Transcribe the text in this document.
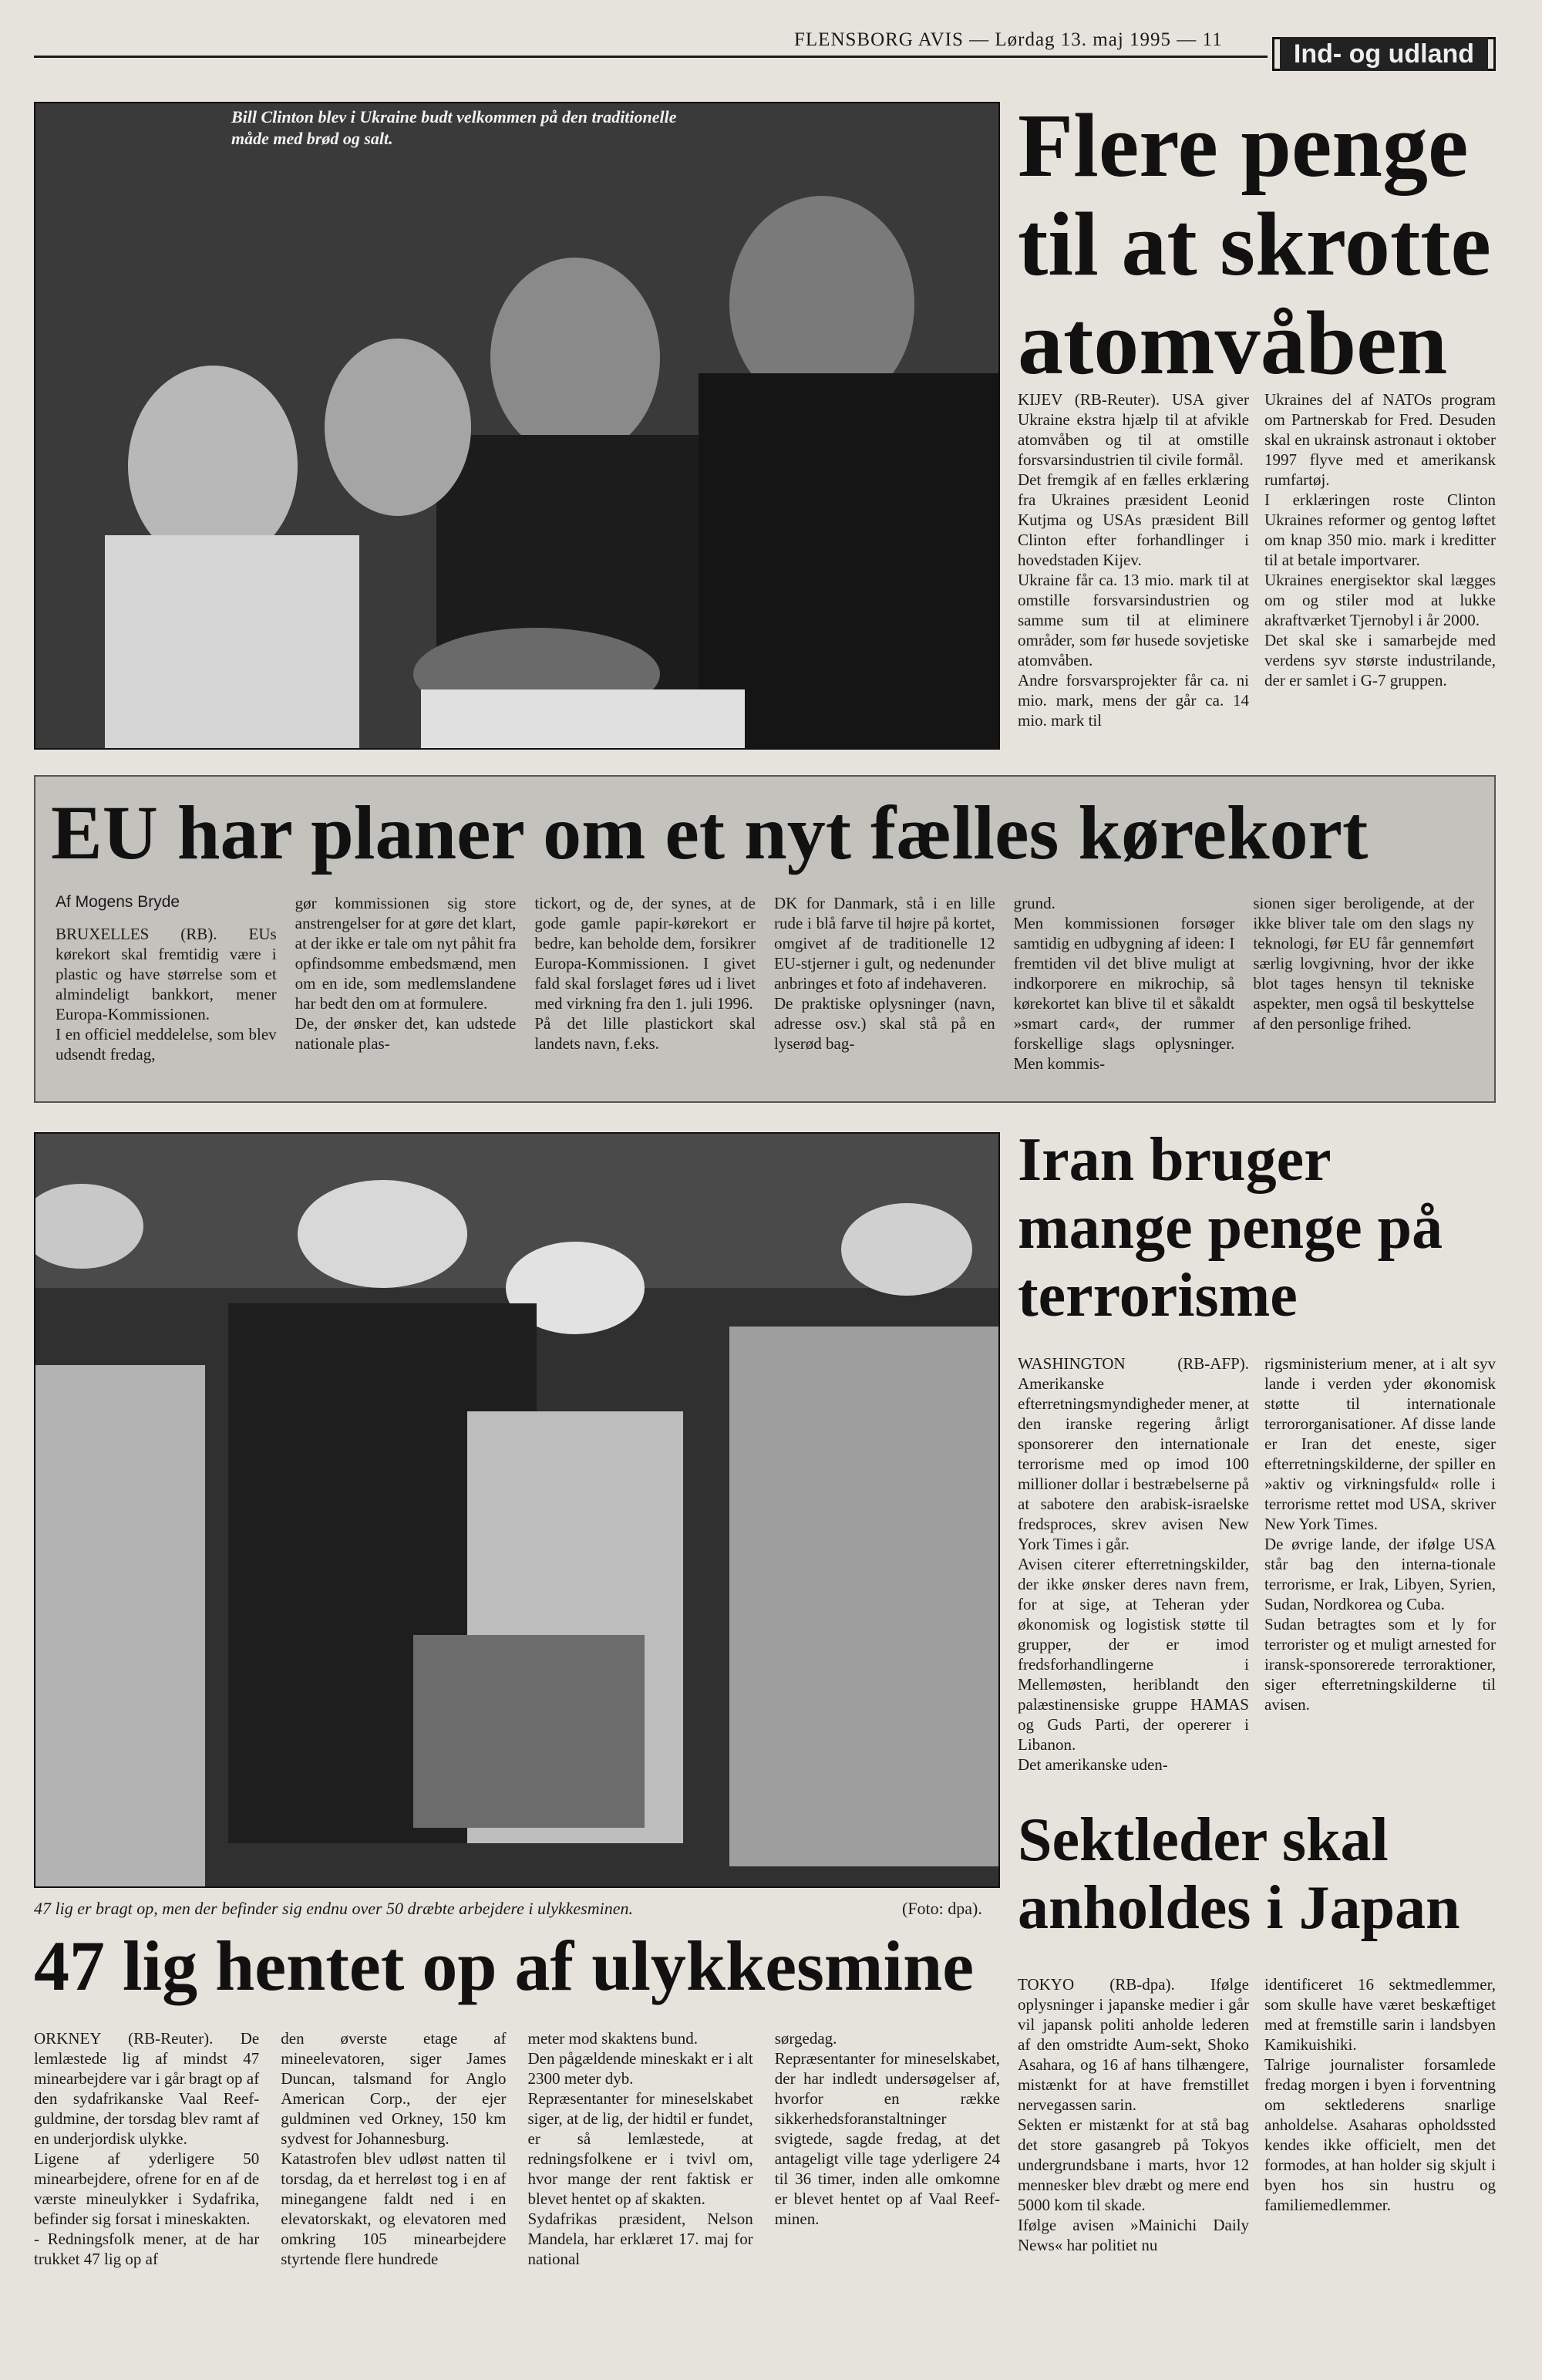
FLENSBORG AVIS — Lørdag 13. maj 1995 — 11	Ind- og udland
Bill Clinton blev i Ukraine budt velkommen på den traditionelle måde med brød og salt.	Flere penge til at skrotte atomvåben
KIJEV (RB-Reuter). USA giver Ukraine ekstra hjælp til at afvikle atomvåben og til at omstille forsvarsindustrien til civile formål.
Det fremgik af en fælles erklæring fra Ukraines præsident Leonid Kutjma og USAs præsident Bill Clinton efter forhandlinger i hovedstaden Kijev.
Ukraine får ca. 13 mio. mark til at omstille forsvarsindustrien og samme sum til at eliminere områder, som før husede sovjetiske atomvåben.
Andre forsvarsprojekter får ca. ni mio. mark, mens der går ca. 14 mio. mark til
Ukraines del af NATOs program om Partnerskab for Fred. Desuden skal en ukrainsk astronaut i oktober 1997 flyve med et amerikansk rumfartøj.
I erklæringen roste Clinton Ukraines reformer og gentog løftet om knap 350 mio. mark i kreditter til at betale importvarer.
Ukraines energisektor skal lægges om og stiler mod at lukke akraftværket Tjernobyl i år 2000.
Det skal ske i samarbejde med verdens syv største industrilande, der er samlet i G-7 gruppen.
EU har planer om et nyt fælles kørekort
Af Mogens Bryde
BRUXELLES (RB). EUs kørekort skal fremtidig være i plastic og have størrelse som et almindeligt bankkort, mener Europa-Kommissionen.
I en officiel meddelelse, som blev udsendt fredag,
gør kommissionen sig store anstrengelser for at gøre det klart, at der ikke er tale om nyt påhit fra opfindsomme embedsmænd, men om en ide, som medlemslandene har bedt den om at formulere.
De, der ønsker det, kan udstede nationale plas-
tickort, og de, der synes, at de gode gamle papir-kørekort er bedre, kan beholde dem, forsikrer Europa-Kommissionen. I givet fald skal forslaget føres ud i livet med virkning fra den 1. juli 1996.
På det lille plastickort skal landets navn, f.eks.
DK for Danmark, stå i en lille rude i blå farve til højre på kortet, omgivet af de traditionelle 12 EU-stjerner i gult, og nedenunder anbringes et foto af indehaveren.
De praktiske oplysninger (navn, adresse osv.) skal stå på en lyserød bag-
grund.
Men kommissionen forsøger samtidig en udbygning af ideen: I fremtiden vil det blive muligt at indkorporere en mikrochip, så kørekortet kan blive til et såkaldt »smart card«, der rummer forskellige slags oplysninger. Men kommis-
sionen siger beroligende, at der ikke bliver tale om den slags ny teknologi, før EU får gennemført særlig lovgivning, hvor der ikke blot tages hensyn til tekniske aspekter, men også til beskyttelse af den personlige frihed.
47 lig er bragt op, men der befinder sig endnu over 50 dræbte arbejdere i ulykkesminen.	(Foto: dpa).
47 lig hentet op af ulykkesmine
ORKNEY (RB-Reuter). De lemlæstede lig af mindst 47 minearbejdere var i går bragt op af den sydafrikanske Vaal Reef-guldmine, der torsdag blev ramt af en underjordisk ulykke.
Ligene af yderligere 50 minearbejdere, ofrene for en af de værste mineulykker i Sydafrika, befinder sig forsat i mineskakten.
- Redningsfolk mener, at de har trukket 47 lig op af
den øverste etage af mineelevatoren, siger James Duncan, talsmand for Anglo American Corp., der ejer guldminen ved Orkney, 150 km sydvest for Johannesburg.
Katastrofen blev udløst natten til torsdag, da et herreløst tog i en af minegangene faldt ned i en elevatorskakt, og elevatoren med omkring 105 minearbejdere styrtende flere hundrede
meter mod skaktens bund.
Den pågældende mineskakt er i alt 2300 meter dyb.
Repræsentanter for mineselskabet siger, at de lig, der hidtil er fundet, er så lemlæstede, at redningsfolkene er i tvivl om, hvor mange der rent faktisk er blevet hentet op af skakten.
Sydafrikas præsident, Nelson Mandela, har erklæret 17. maj for national
sørgedag.
Repræsentanter for mineselskabet, der har indledt undersøgelser af, hvorfor en række sikkerhedsforanstaltninger svigtede, sagde fredag, at det antageligt ville tage yderligere 24 til 36 timer, inden alle omkomne er blevet hentet op af Vaal Reef-minen.
Iran bruger mange penge på terrorisme
WASHINGTON (RB-AFP). Amerikanske efterretningsmyndigheder mener, at den iranske regering årligt sponsorerer den internationale terrorisme med op imod 100 millioner dollar i bestræbelserne på at sabotere den arabisk-israelske fredsproces, skrev avisen New York Times i går.
Avisen citerer efterretningskilder, der ikke ønsker deres navn frem, for at sige, at Teheran yder økonomisk og logistisk støtte til grupper, der er imod fredsforhandlingerne i Mellemøsten, heriblandt den palæstinensiske gruppe HAMAS og Guds Parti, der opererer i Libanon.
Det amerikanske uden-
rigsministerium mener, at i alt syv lande i verden yder økonomisk støtte til internationale terrororganisationer. Af disse lande er Iran det eneste, siger efterretningskilderne, der spiller en »aktiv og virkningsfuld« rolle i terrorisme rettet mod USA, skriver New York Times.
De øvrige lande, der ifølge USA står bag den interna-tionale terrorisme, er Irak, Libyen, Syrien, Sudan, Nordkorea og Cuba.
Sudan betragtes som et ly for terrorister og et muligt arnested for iransk-sponsorerede terroraktioner, siger efterretningskilderne til avisen.
Sektleder skal anholdes i Japan
TOKYO (RB-dpa). Ifølge oplysninger i japanske medier i går vil japansk politi anholde lederen af den omstridte Aum-sekt, Shoko Asahara, og 16 af hans tilhængere, mistænkt for at have fremstillet nervegassen sarin.
Sekten er mistænkt for at stå bag det store gasangreb på Tokyos undergrundsbane i marts, hvor 12 mennesker blev dræbt og mere end 5000 kom til skade.
Ifølge avisen »Mainichi Daily News« har politiet nu
identificeret 16 sektmedlemmer, som skulle have været beskæftiget med at fremstille sarin i landsbyen Kamikuishiki.
Talrige journalister forsamlede fredag morgen i byen i forventning om sektlederens snarlige anholdelse. Asaharas opholdssted kendes ikke officielt, men det formodes, at han holder sig skjult i byen hos sin hustru og familiemedlemmer.
